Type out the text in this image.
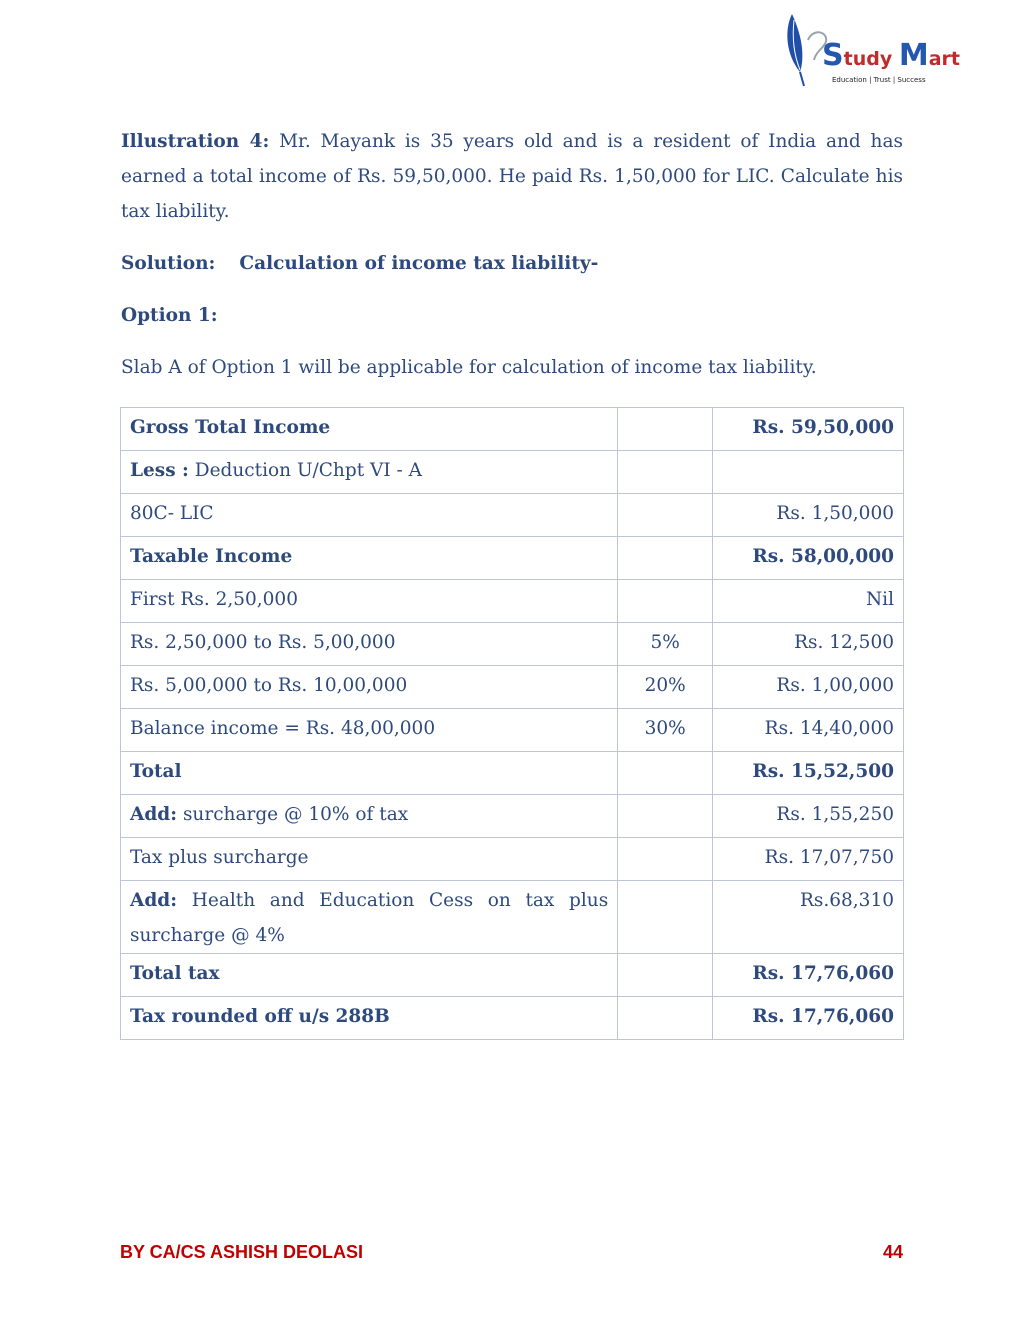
Study Mart
Education | Trust | Success

Illustration 4: Mr. Mayank is 35 years old and is a resident of India and has earned a total income of Rs. 59,50,000. He paid Rs. 1,50,000 for LIC. Calculate his tax liability.

Solution: Calculation of income tax liability-
Option 1:
Slab A of Option 1 will be applicable for calculation of income tax liability.
Gross Total Income		Rs. 59,50,000
Less : Deduction U/Chpt VI - A		
80C- LIC		Rs. 1,50,000
Taxable Income		Rs. 58,00,000
First Rs. 2,50,000		Nil
Rs. 2,50,000 to Rs. 5,00,000	5%	Rs. 12,500
Rs. 5,00,000 to Rs. 10,00,000	20%	Rs. 1,00,000
Balance income = Rs. 48,00,000	30%	Rs. 14,40,000
Total		Rs. 15,52,500
Add: surcharge @ 10% of tax		Rs. 1,55,250
Tax plus surcharge		Rs. 17,07,750
Add: Health and Education Cess on tax plus surcharge @ 4%		Rs.68,310
Total tax		Rs. 17,76,060
Tax rounded off u/s 288B		Rs. 17,76,060
BY CA/CS ASHISH DEOLASI	44
